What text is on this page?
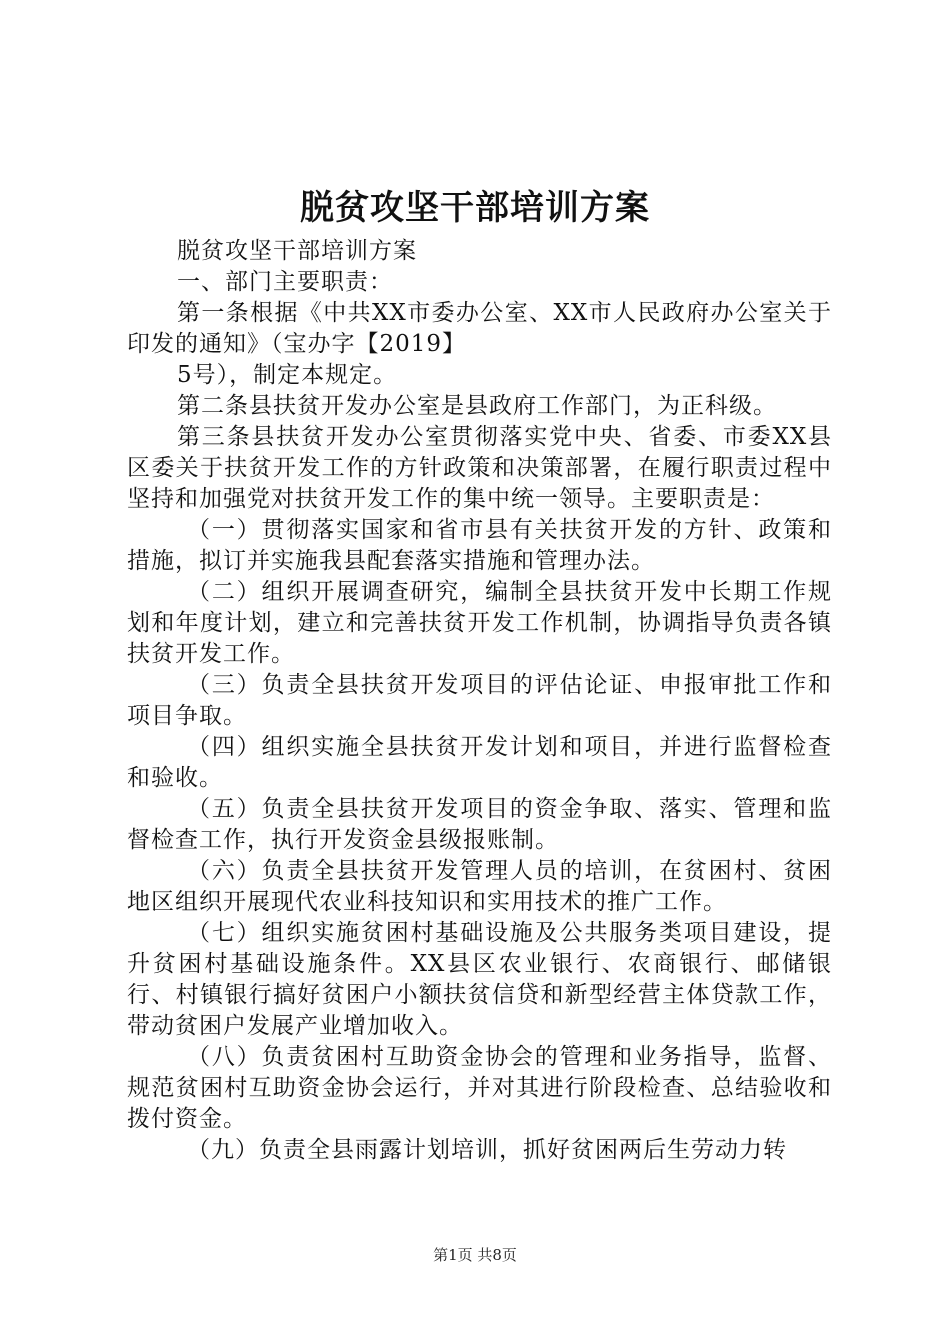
脱贫攻坚干部培训方案

脱贫攻坚干部培训方案

一、部门主要职责：

第一条根据《中共XX市委办公室、XX市人民政府办公室关于印发的通知》（宝办字【2019】

5号），制定本规定。

第二条县扶贫开发办公室是县政府工作部门，为正科级。

第三条县扶贫开发办公室贯彻落实党中央、省委、市委XX县区委关于扶贫开发工作的方针政策和决策部署，在履行职责过程中坚持和加强党对扶贫开发工作的集中统一领导。主要职责是：

（一）贯彻落实国家和省市县有关扶贫开发的方针、政策和措施，拟订并实施我县配套落实措施和管理办法。

（二）组织开展调查研究，编制全县扶贫开发中长期工作规划和年度计划，建立和完善扶贫开发工作机制，协调指导负责各镇扶贫开发工作。

（三）负责全县扶贫开发项目的评估论证、申报审批工作和项目争取。

（四）组织实施全县扶贫开发计划和项目，并进行监督检查和验收。

（五）负责全县扶贫开发项目的资金争取、落实、管理和监督检查工作，执行开发资金县级报账制。

（六）负责全县扶贫开发管理人员的培训，在贫困村、贫困地区组织开展现代农业科技知识和实用技术的推广工作。

（七）组织实施贫困村基础设施及公共服务类项目建设，提升贫困村基础设施条件。XX县区农业银行、农商银行、邮储银行、村镇银行搞好贫困户小额扶贫信贷和新型经营主体贷款工作，带动贫困户发展产业增加收入。

（八）负责贫困村互助资金协会的管理和业务指导，监督、规范贫困村互助资金协会运行，并对其进行阶段检查、总结验收和拨付资金。

（九）负责全县雨露计划培训，抓好贫困两后生劳动力转

第1页 共8页
